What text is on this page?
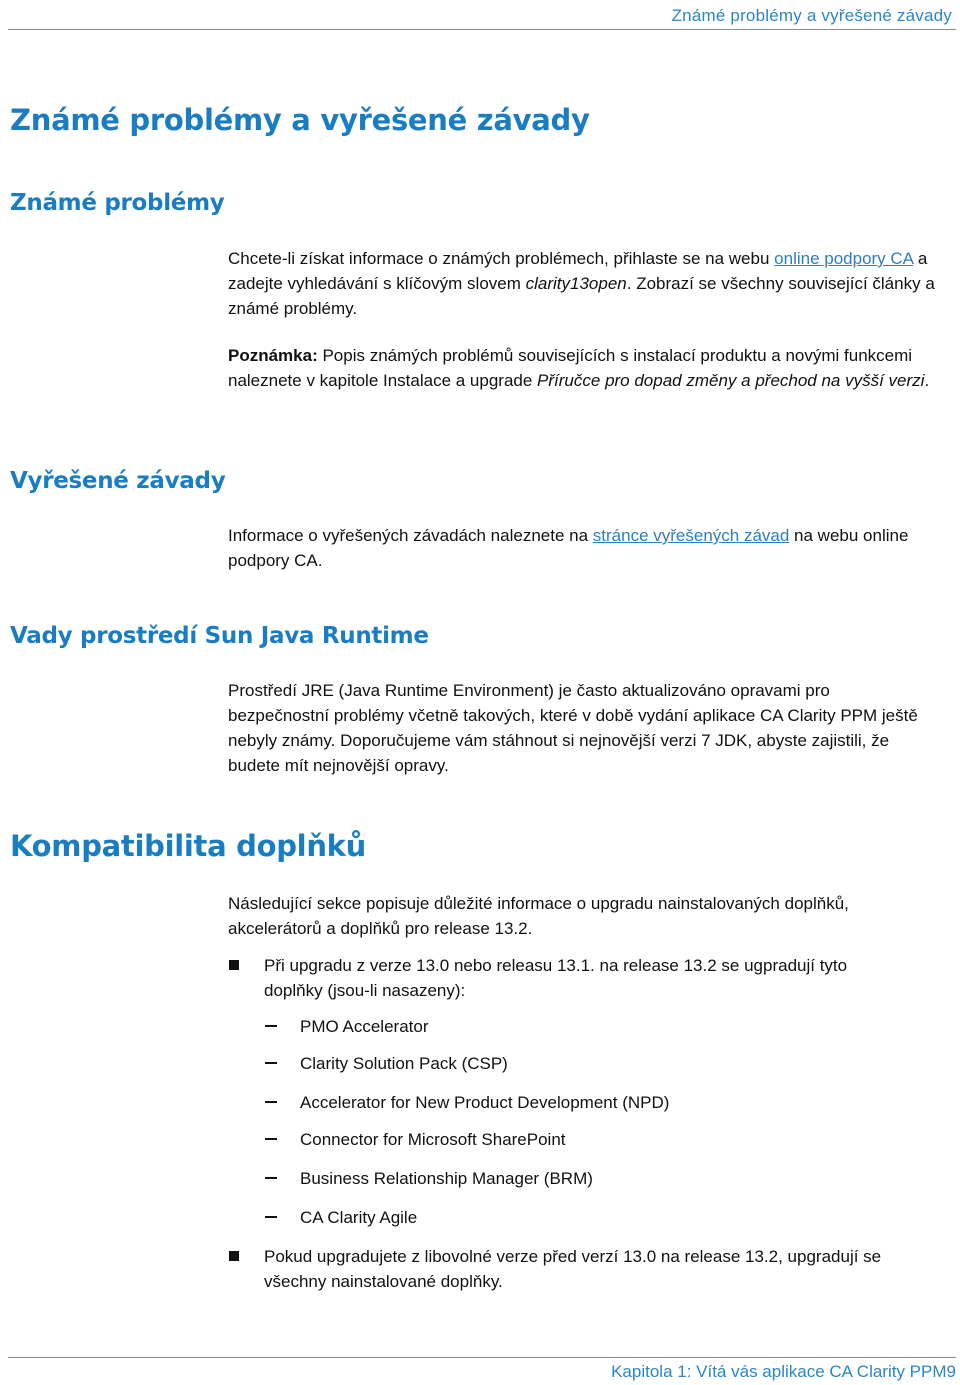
Známé problémy a vyřešené závady
Známé problémy a vyřešené závady
Známé problémy

Chcete-li získat informace o známých problémech, přihlaste se na webu online podpory CA a zadejte vyhledávání s klíčovým slovem clarity13open. Zobrazí se všechny související články a známé problémy.

Poznámka: Popis známých problémů souvisejících s instalací produktu a novými funkcemi naleznete v kapitole Instalace a upgrade Příručce pro dopad změny a přechod na vyšší verzi.

Vyřešené závady

Informace o vyřešených závadách naleznete na stránce vyřešených závad na webu online podpory CA.

Vady prostředí Sun Java Runtime

Prostředí JRE (Java Runtime Environment) je často aktualizováno opravami pro bezpečnostní problémy včetně takových, které v době vydání aplikace CA Clarity PPM ještě nebyly známy. Doporučujeme vám stáhnout si nejnovější verzi 7 JDK, abyste zajistili, že budete mít nejnovější opravy.

Kompatibilita doplňků

Následující sekce popisuje důležité informace o upgradu nainstalovaných doplňků, akcelerátorů a doplňků pro release 13.2.

Při upgradu z verze 13.0 nebo releasu 13.1. na release 13.2 se ugpradují tyto doplňky (jsou-li nasazeny):

PMO Accelerator

Clarity Solution Pack (CSP)

Accelerator for New Product Development (NPD)

Connector for Microsoft SharePoint

Business Relationship Manager (BRM)

CA Clarity Agile

Pokud upgradujete z libovolné verze před verzí 13.0 na release 13.2, upgradují se všechny nainstalované doplňky.

Kapitola 1: Vítá vás aplikace CA Clarity PPM9
